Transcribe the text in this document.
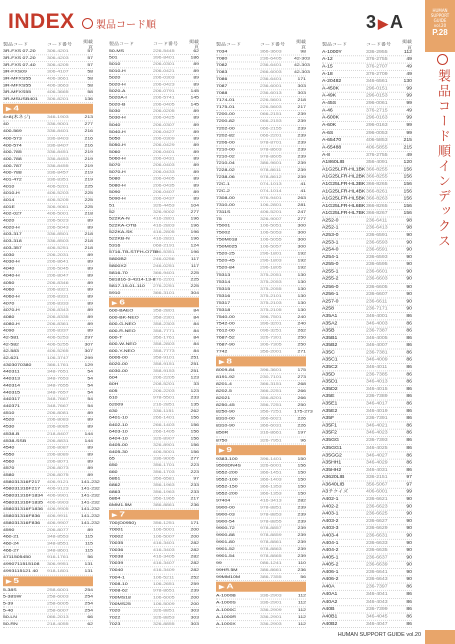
INDEX	製品コード順	3 ▶ A
HUMAN SUPPORT GUIDE vol.20
P.28
製品コード順インデックス
製品コード	コード番号
掲載頁
3R-FXS 07-20	306-4201	57
3R-FXS 07-20	306-4203	57
3R-FXS 07-40	306-4205	57
3R-FXS09	306-4107	58
3R-MFXS55	406-3661	58
3R-MFXS55	406-3663	58
3R-MFXS55	406-3665	58
3R-MSUSB401	306-8201	136
▶ 4
4×8(木ネジ)	346-1903	213
40	336-9001	277
400-569	336-8401	216
400-573	336-8403	216
400-574	336-8407	216
400-785	336-8451	219
400-788	336-8453	219
400-787	336-8455	219
400-788	336-8457	219
401-472	336-8351	219
4010	406-5201	225
4010-H	406-5203	225
4014	406-5205	225
401E	306-9061	225
402-027	406-5001	218
4020	206-5023	89
4020-H	206-5043	89
403-317	336-8501	218
403-318	336-8503	218
403-357	406-5251	218
4030	206-2031	89
4030-H	206-8641	89
4040	206-5045	89
4040-H	206-8047	89
4050	206-8346	89
4060	206-8321	89
4060-H	206-8331	89
4070	206-8333	89
4070-H	206-8343	89
4080	206-8335	89
4080-H	206-8361	89
4090	206-8337	89
42-581	406-5253	297
42-582	406-5255	307
42-583	406-5265	307
42-621	106-3747	299
4303070380	366-1761	129
440311	348-7651	54
440313	348-7653	54
440314	348-7655	54
440315	348-7657	54
440317	348-7667	54
440371	348-7667	54
4510	206-8081	89
4520	206-8083	89
4530	206-8085	89
4538-B	218-8407	144
4538-SSB	206-8831	144
4540	206-8087	89
4550	206-8089	89
4560	206-8071	89
4570	206-8073	89
4580	206-8075	89
458031316F217	406-9121	141-232
458031316F217	406-9123	141-232
458031316F1834 406-9901	141-232
458031316F1835 406-9903	141-232
458031316F1836 406-9905	141-232
458031316F836	406-9911	141-232
458031316F836	406-9907	141-232
4590	206-8077	89
460-21	348-8553	115
460-24	348-8551	115
466-27	348-8601	115
4711505450	916-1761	56
4990711515108	306-9951	131
4993115121 40	918-1801	131
▶ 5
5-38S	258-6001	254
5-38SW	258-6003	254
5-39	258-6005	254
5-40	258-6007	254
50-LN	066-2013	66
50-RN	218-4055	62
製品コード	コード番号
掲載頁
50-MS	226-5445	62
501	396-8401	186
5010	206-0301	89
5010-H	206-0421	89
5020	206-0303	89
5020-H	206-0423	89
5020-A	206-0791	145
5020A-I	206-5741	145
5020-B	206-0405	145
5030	206-0205	89
5030-H	206-0425	89
5040	206-0307	89
5040-H	206-0427	89
5050	206-0309	89
5050-H	206-0429	89
5060	206-0401	89
5060-H	206-0431	89
5070	206-0403	89
5070-H	206-0433	89
5080	206-0405	89
5080-H	206-0435	89
5090	206-0407	89
5090-H	206-0437	89
51	326-4453	104
52	326-9002	277
522KA-N	416-2801	196
522KA-OTB	416-2803	196
522KA-SK	416-2805	196
522KB-N	416-2831	196
5316	068-2191	124
5716-TB-STFH-O7TB
406-5351	196
5800B2	246-0256	117
5800X2	246-0251	117
5816-70	366-9401	225
581816-3-4314-13-8
276-2201	225
5817-15-01-110	276-2251	225
5910	366-3101	304
▶ 6
600-BAEO	358-2801	84
600-BK-NEO	358-2301	84
600-G-NEO	358-2303	84
600-R-NEO	358-7771	84
600-T	356-1761	84
600-W-NEO	358-2803	84
600-Y-NEO	358-7773	84
6006-00	358-9101	251
6020-00	358-9151	251
6030-00	358-9153	251
604	206-2205	123
60H	208-5201	33
605	206-2203	123
610	978-5501	233
62009	216-2851	135
630	336-1151	262
6401-10	266-1401	156
6402-10	266-1403	156
6403-10	266-1405	156
6404-10	326-8907	156
6405-00	326-8901	156
6405-30	406-5001	156
65	336-9005	277
650	356-1701	223
660	356-1703	223
6861	356-6581	97
6862	356-1963	233
6863	356-1963	233
6864	356-1965	217
6MM1.5M	386-8861	236
▶ 7
700(D0950)	356-1251	171
70001	106-5001	200
70002	106-5007	200
70035	416-3401	282
70036	416-3403	282
70038	416-3405	282
70039	416-3407	282
70040	416-3409	282
7004-1	106-5211	252
7008-10	106-2651	259
7008-62	978-8651	239
700MS18	106-6005	200
700MS25	106-5009	200
7020	326-8851	303
7022	326-8853	303
7023	326-8855	303
製品コード	コード番号
掲載頁
7034	366-3603	98
7080	236-6405	42-303
7082	236-6401	42-303
7083	266-6003	42-303
7086	236-6401	171
7087	236-6001	303
7088	236-6013	303
7174-01	226-5601	218
7175-01	226-5603	217
7200-00	066-2151	239
7200-82	066-2153	239
7202-00	066-2155	239
7202-82	066-2201	239
7206-00	978-8701	239
7210-00	978-8603	239
7210-02	978-8605	239
7210-04	386-9601	239
7228-02	978-8611	239
7238-06	978-8612	239
72C-1	074-1013	41
72C-2	074-1014	41
7308-00	976-9401	263
7310-00	106-2801	281
7311S	406-5201	247
75	326-9007	277
75001	106-5051	300
75002	106-5053	300
750M018	106-5055	300
750M025	106-5057	300
7520-25	296-1801	192
7520-45	296-1803	192
7520-84	296-1805	192
75313	375-2051	130
75314	375-2053	130
75315	375-2055	130
75316	375-2101	130
75317	375-2103	130
75318	375-2105	130
7540-00	396-7501	240
7542-00	396-3201	240
7612-00	096-3251	262
7687-52	326-7301	250
7687-90	306-7305	250
7742	356-2001	271
▶ 8
8009-84	396-3601	175
8191-92	230-7101	273
8201-4	366-3151	268
8202-5	366-2251	266
82021	356-8201	266
8250-45	356-7251	250
8250-90	356-7251	175-273
8310-00	366-6021	226
8310-90	366-6031	226
850R	316-8661	197
8750	326-7951	96
▶ 9
9383-100	396-1401	150
9500DN4S	326-6001	156
9552-200	366-1451	150
9552-100	366-1403	150
9552-150	366-1353	150
9552-200	366-1353	150
97404	416-3413	282
9900-00	978-8851	239
9900-03	978-8853	239
9900-54	978-8855	239
9900-72	978-8857	239
9900-88	978-8859	239
9901-80	978-8861	239
9901-52	978-8863	239
9901-54	978-8865	239
99	086-1241	110
99HR.5M	386-8661	236
99MM10M	386-7355	56
▶ A
A-1000B	336-2903	112
A-1000S	336-2901	112
A-1000C	336-2909	112
A-1000R	336-2901	112
A-1000X	336-2903	112
製品コード	コード番号
掲載頁
A-1000Y	336-2955	112
A-12	376-2755	49
A-15	376-2707	49
A-18	376-2709	49
A-20482	346-6561	130
A-450K	296-0151	99
A-49K	296-0153	99
A-45S	296-0061	99
A-46	376-2715	49
A-600K	296-0163	99
A-60K	296-0163	99
A-6S	296-0053	99
A-65470	406-5853	215
A-65488	406-5855	215
A-8	376-2755	49
A1860LIB	356-4091	120
A1G25LFR-HL1BK 366-8255	156
A1G25LFR-HL2BK 366-8255	156
A1G25LFR-HL3BK 366-8265	156
A1G25LFR-HL4BK 366-8261	156
A1G25LFR-HL5BK 366-8263	156
A1G25LFR-HL6BK 366-8265	156
A1G25LFR-HL7BK 366-8267	156
A252-0	236-6411	98
A252-1	236-6413	98
A253-0	236-6591	90
A253-1	236-6593	90
A254-0	236-6591	90
A254-1	236-6593	90
A255-0	236-6595	90
A255-1	236-6601	90
A255-2	236-6603	90
A256-0	236-6605	90
A256-1	236-6607	90
A257-0	236-6611	90
A258	236-7171	90
A35A1	346-4001	86
A35A2	346-4003	86
A35B	236-7387	86
A35B1	346-4005	86
A35B2	346-4007	86
A35C	236-7381	86
A35C1	346-4009	86
A35C2	346-4011	86
A35D	236-7385	86
A35D1	346-4013	86
A35D2	346-4015	86
A35E	236-7389	86
A35E1	346-4017	86
A35E2	346-4019	86
A35F	236-7391	86
A35F1	346-4021	86
A35F2	346-4023	86
A35GG	236-7393	86
A35GG1	346-4025	86
A35GG2	346-4027	86
A35HH1	346-4029	86
A35HH2	346-4031	86
A3620LIB	336-2151	97
A3640LIB	356-5067	97
A3テクイズ	406-6001	99
A402-1	236-6621	90
A402-2	236-6623	90
A403-1	236-6625	90
A403-2	236-6627	90
A403-3	236-6629	90
A403-4	236-6631	90
A404-1	236-6633	90
A404-2	236-6635	90
A405-1	236-6637	90
A405-2	236-6639	90
A406-1	236-6641	90
A406-2	236-6643	90
A40A	236-7397	86
A40A1	346-4041	86
A40A2	346-4043	86
A40B	236-7399	86
A40B1	346-4045	86
A40B2	346-4047	86
HUMAN SUPPORT GUIDE vol.20
